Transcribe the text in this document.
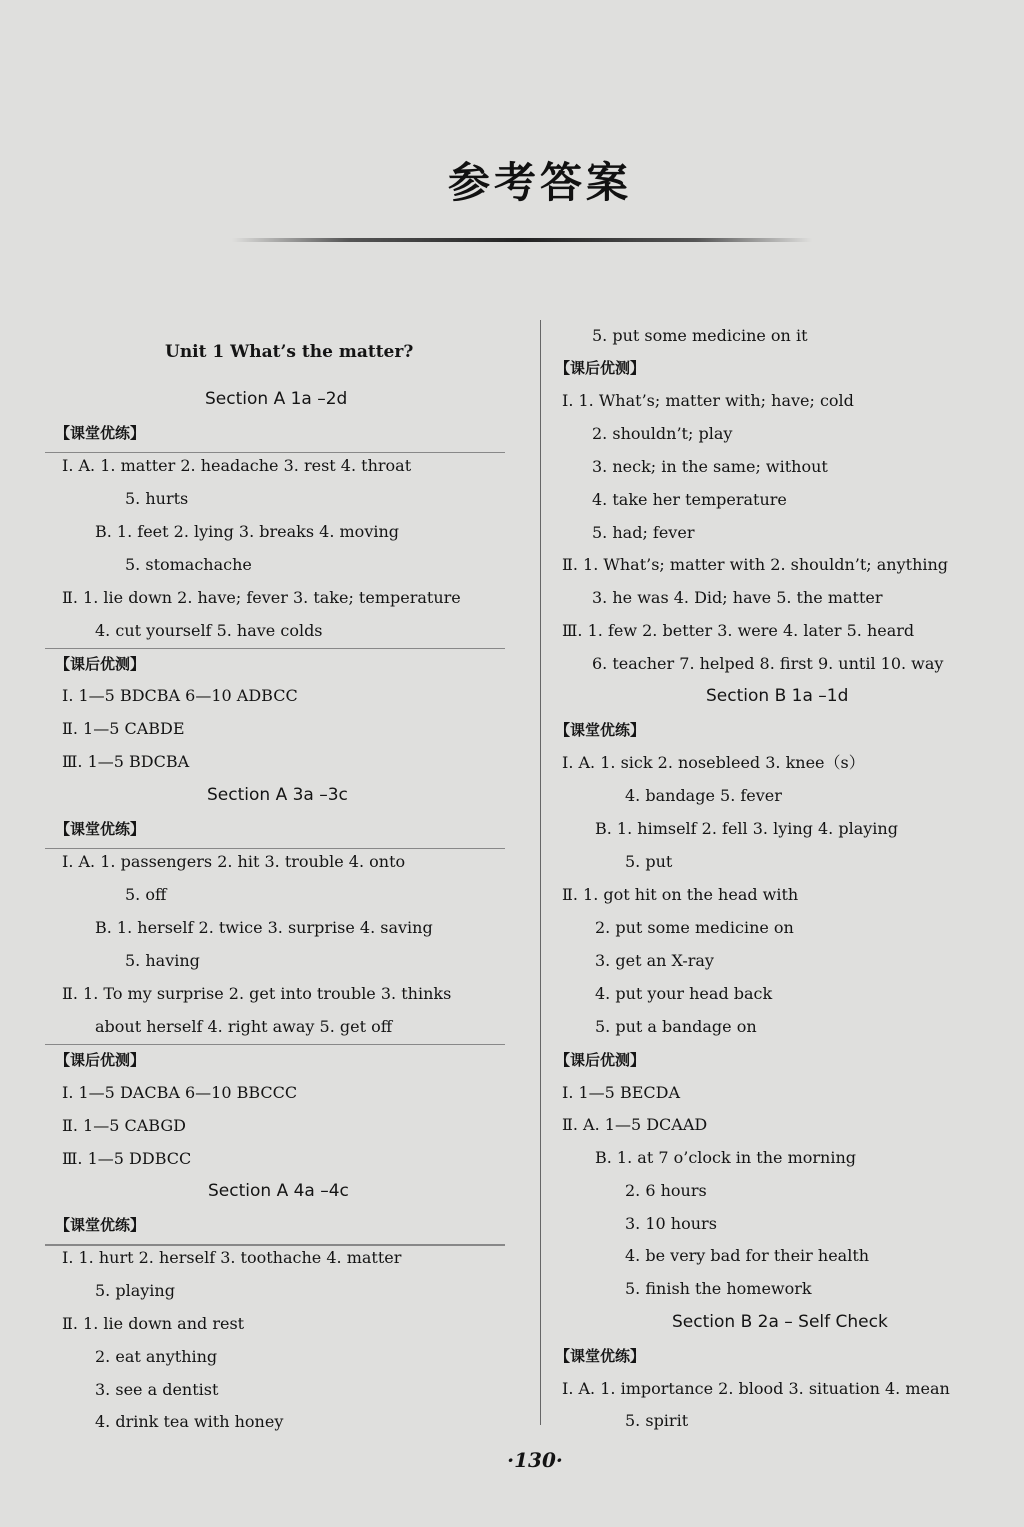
参考答案
Unit 1 What’s the matter?
Section A 1a –2d
【课堂优练】
Ⅰ. A. 1. matter 2. headache 3. rest 4. throat
5. hurts
B. 1. feet 2. lying 3. breaks 4. moving
5. stomachache
Ⅱ. 1. lie down 2. have; fever 3. take; temperature
4. cut yourself 5. have colds
【课后优测】
Ⅰ. 1—5 BDCBA 6—10 ADBCC
Ⅱ. 1—5 CABDE
Ⅲ. 1—5 BDCBA
Section A 3a –3c
【课堂优练】
Ⅰ. A. 1. passengers 2. hit 3. trouble 4. onto
5. off
B. 1. herself 2. twice 3. surprise 4. saving
5. having
Ⅱ. 1. To my surprise 2. get into trouble 3. thinks
about herself 4. right away 5. get off
【课后优测】
Ⅰ. 1—5 DACBA 6—10 BBCCC
Ⅱ. 1—5 CABGD
Ⅲ. 1—5 DDBCC
Section A 4a –4c
【课堂优练】
Ⅰ. 1. hurt 2. herself 3. toothache 4. matter
5. playing
Ⅱ. 1. lie down and rest
2. eat anything
3. see a dentist
4. drink tea with honey
5. put some medicine on it
【课后优测】
Ⅰ. 1. What’s; matter with; have; cold
2. shouldn’t; play
3. neck; in the same; without
4. take her temperature
5. had; fever
Ⅱ. 1. What’s; matter with 2. shouldn’t; anything
3. he was 4. Did; have 5. the matter
Ⅲ. 1. few 2. better 3. were 4. later 5. heard
6. teacher 7. helped 8. first 9. until 10. way
Section B 1a –1d
【课堂优练】
Ⅰ. A. 1. sick 2. nosebleed 3. knee（s）
4. bandage 5. fever
B. 1. himself 2. fell 3. lying 4. playing
5. put
Ⅱ. 1. got hit on the head with
2. put some medicine on
3. get an X-ray
4. put your head back
5. put a bandage on
【课后优测】
Ⅰ. 1—5 BECDA
Ⅱ. A. 1—5 DCAAD
B. 1. at 7 o’clock in the morning
2. 6 hours
3. 10 hours
4. be very bad for their health
5. finish the homework
Section B 2a – Self Check
【课堂优练】
Ⅰ. A. 1. importance 2. blood 3. situation 4. mean
5. spirit
·130·
